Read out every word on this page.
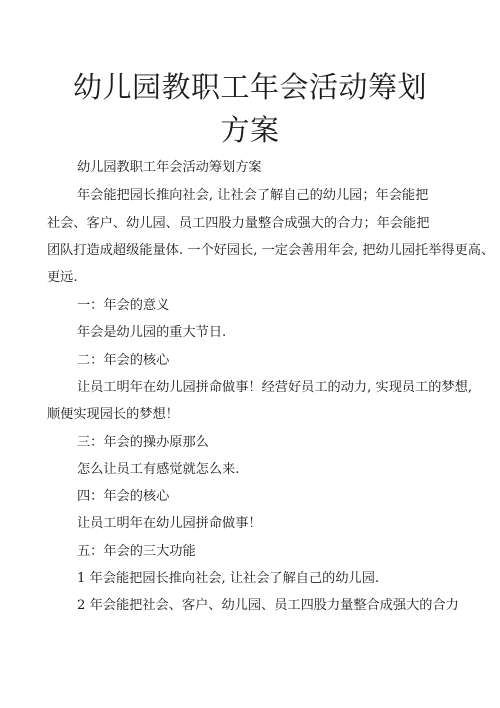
幼儿园教职工年会活动筹划
方案
幼儿园教职工年会活动筹划方案
年会能把园长推向社会, 让社会了解自己的幼儿园；年会能把
社会、客户、幼儿园、员工四股力量整合成强大的合力；年会能把
团队打造成超级能量体. 一个好园长, 一定会善用年会, 把幼儿园托举得更高、
更远.
一：年会的意义
年会是幼儿园的重大节日.
二：年会的核心
让员工明年在幼儿园拼命做事！经营好员工的动力, 实现员工的梦想,
顺便实现园长的梦想！
三：年会的操办原那么
怎么让员工有感觉就怎么来.
四：年会的核心
让员工明年在幼儿园拼命做事！
五：年会的三大功能
1 年会能把园长推向社会, 让社会了解自己的幼儿园.
2 年会能把社会、客户、幼儿园、员工四股力量整合成强大的合力
